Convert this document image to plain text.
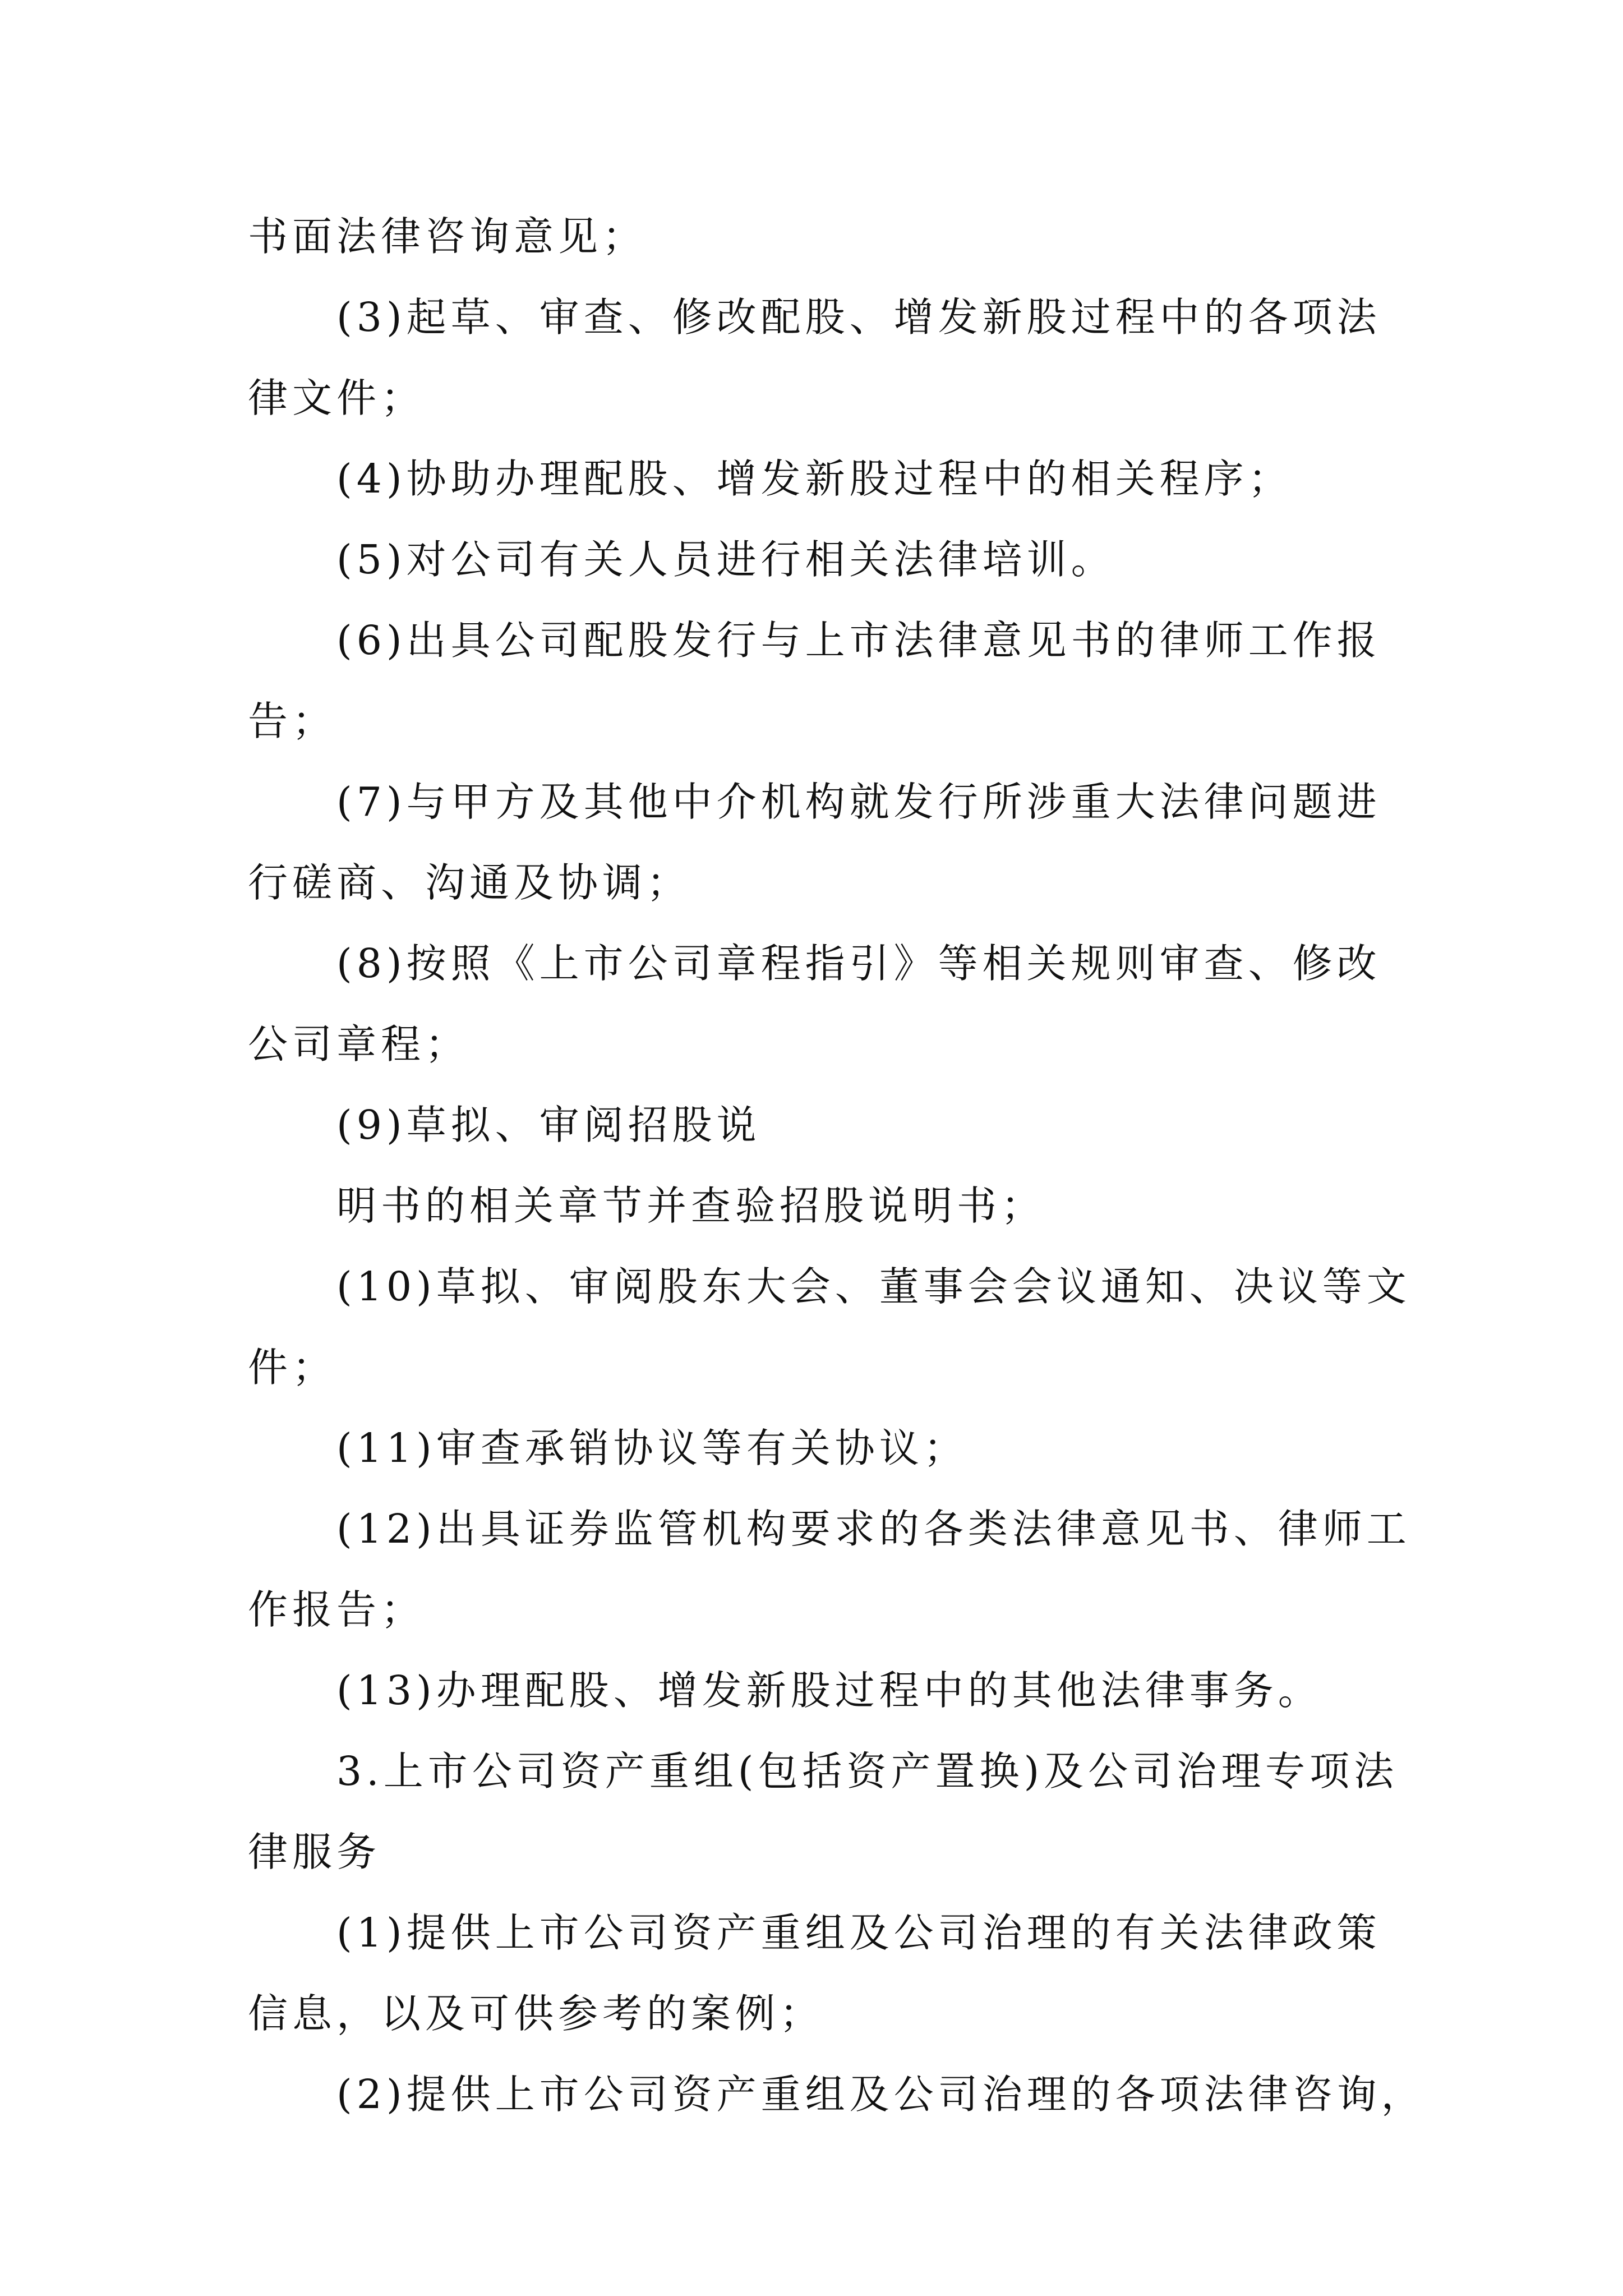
书面法律咨询意见；
(3)起草、审查、修改配股、增发新股过程中的各项法
律文件；
(4)协助办理配股、增发新股过程中的相关程序；
(5)对公司有关人员进行相关法律培训。
(6)出具公司配股发行与上市法律意见书的律师工作报
告；
(7)与甲方及其他中介机构就发行所涉重大法律问题进
行磋商、沟通及协调；
(8)按照《上市公司章程指引》等相关规则审查、修改
公司章程；
(9)草拟、审阅招股说
明书的相关章节并查验招股说明书；
(10)草拟、审阅股东大会、董事会会议通知、决议等文
件；
(11)审查承销协议等有关协议；
(12)出具证券监管机构要求的各类法律意见书、律师工
作报告；
(13)办理配股、增发新股过程中的其他法律事务。
3.上市公司资产重组(包括资产置换)及公司治理专项法
律服务
(1)提供上市公司资产重组及公司治理的有关法律政策
信息，以及可供参考的案例；
(2)提供上市公司资产重组及公司治理的各项法律咨询，
